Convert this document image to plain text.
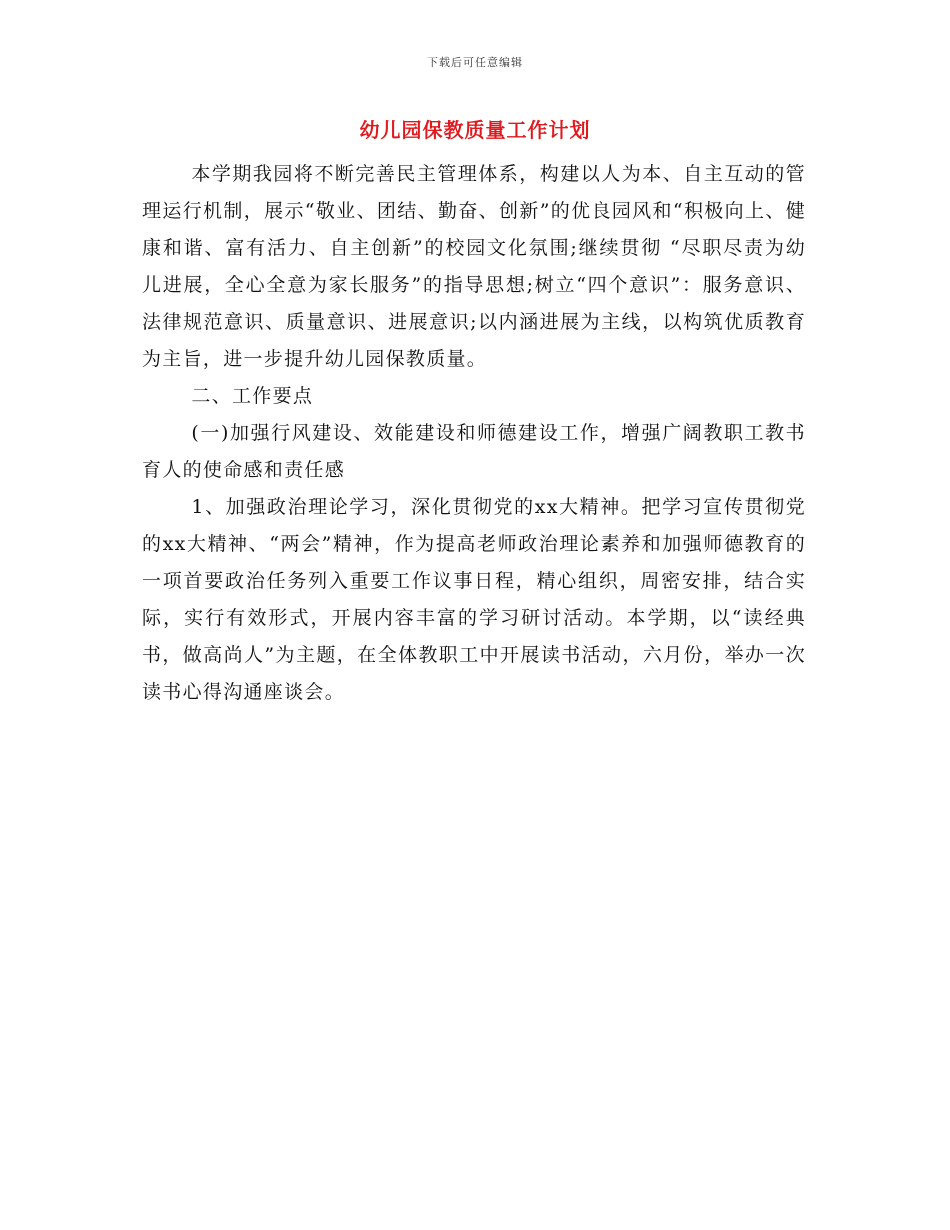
下载后可任意编辑
幼儿园保教质量工作计划

本学期我园将不断完善民主管理体系，构建以人为本、自主互动的管理运行机制，展示“敬业、团结、勤奋、创新”的优良园风和“积极向上、健康和谐、富有活力、自主创新”的校园文化氛围;继续贯彻 “尽职尽责为幼儿进展，全心全意为家长服务”的指导思想;树立“四个意识”：服务意识、法律规范意识、质量意识、进展意识;以内涵进展为主线，以构筑优质教育为主旨，进一步提升幼儿园保教质量。

二、工作要点

(一)加强行风建设、效能建设和师德建设工作，增强广阔教职工教书育人的使命感和责任感

1、加强政治理论学习，深化贯彻党的xx大精神。把学习宣传贯彻党的xx大精神、“两会”精神，作为提高老师政治理论素养和加强师德教育的一项首要政治任务列入重要工作议事日程，精心组织，周密安排，结合实际，实行有效形式，开展内容丰富的学习研讨活动。本学期，以“读经典书，做高尚人”为主题，在全体教职工中开展读书活动，六月份，举办一次读书心得沟通座谈会。
